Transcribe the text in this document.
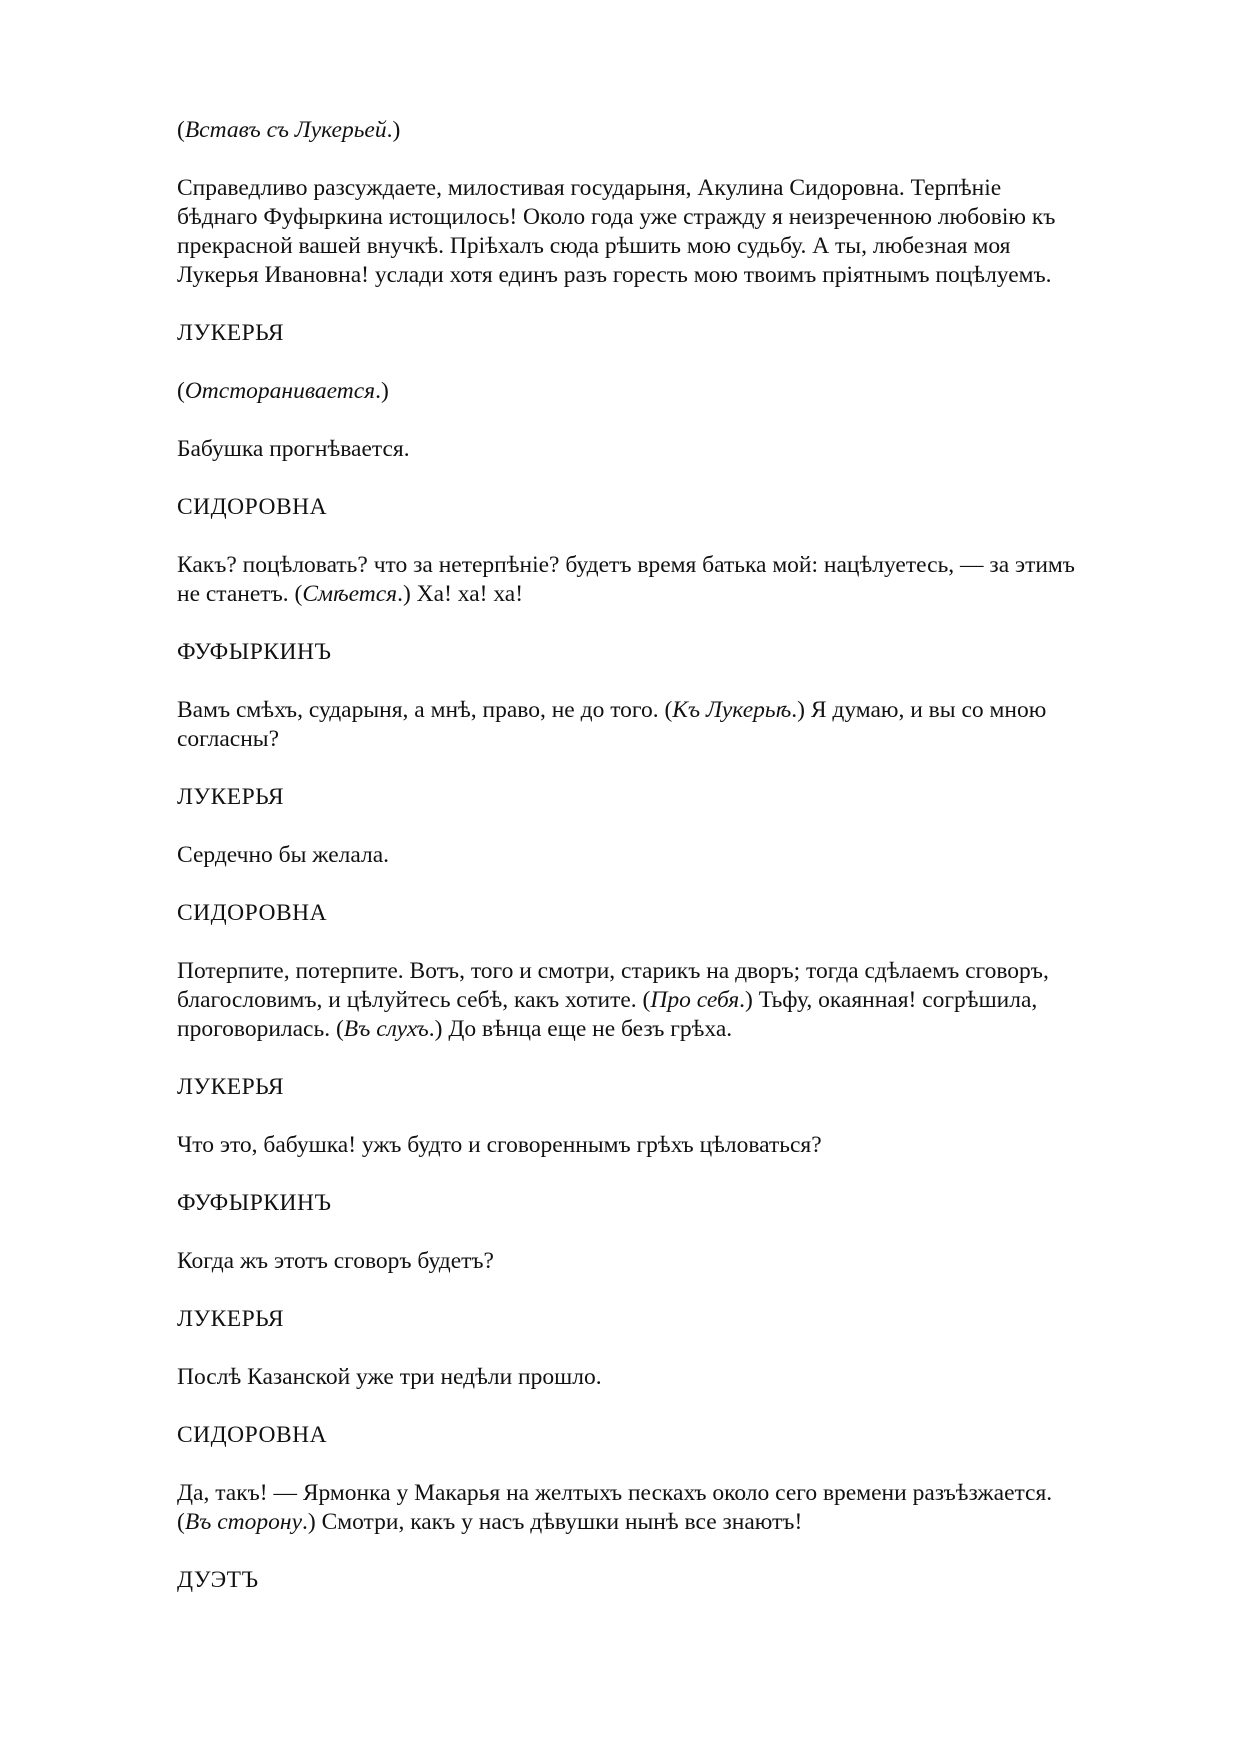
(Вставъ съ Лукерьей.)
Справедливо разсуждаете, милостивая государыня, Акулина Сидоровна. Терпѣніе
бѣднаго Фуфыркина истощилось! Около года уже стражду я неизреченною любовію къ
прекрасной вашей внучкѣ. Пріѣхалъ сюда рѣшить мою судьбу. А ты, любезная моя
Лукерья Ивановна! услади хотя единъ разъ горесть мою твоимъ пріятнымъ поцѣлуемъ.
ЛУКЕРЬЯ
(Отсторанивается.)
Бабушка прогнѣвается.
СИДОРОВНА
Какъ? поцѣловать? что за нетерпѣніе? будетъ время батька мой: нацѣлуетесь, — за этимъ
не станетъ. (Смѣется.) Ха! ха! ха!
ФУФЫРКИНЪ
Вамъ смѣхъ, сударыня, а мнѣ, право, не до того. (Къ Лукерьѣ.) Я думаю, и вы со мною
согласны?
ЛУКЕРЬЯ
Сердечно бы желала.
СИДОРОВНА
Потерпите, потерпите. Вотъ, того и смотри, старикъ на дворъ; тогда сдѣлаемъ сговоръ,
благословимъ, и цѣлуйтесь себѣ, какъ хотите. (Про себя.) Тьфу, окаянная! согрѣшила,
проговорилась. (Въ слухъ.) До вѣнца еще не безъ грѣха.
ЛУКЕРЬЯ
Что это, бабушка! ужъ будто и сговореннымъ грѣхъ цѣловаться?
ФУФЫРКИНЪ
Когда жъ этотъ сговоръ будетъ?
ЛУКЕРЬЯ
Послѣ Казанской уже три недѣли прошло.
СИДОРОВНА
Да, такъ! — Ярмонка у Макарья на желтыхъ пескахъ около сего времени разъѣзжается.
(Въ сторону.) Смотри, какъ у насъ дѣвушки нынѣ все знаютъ!
ДУЭТЪ
